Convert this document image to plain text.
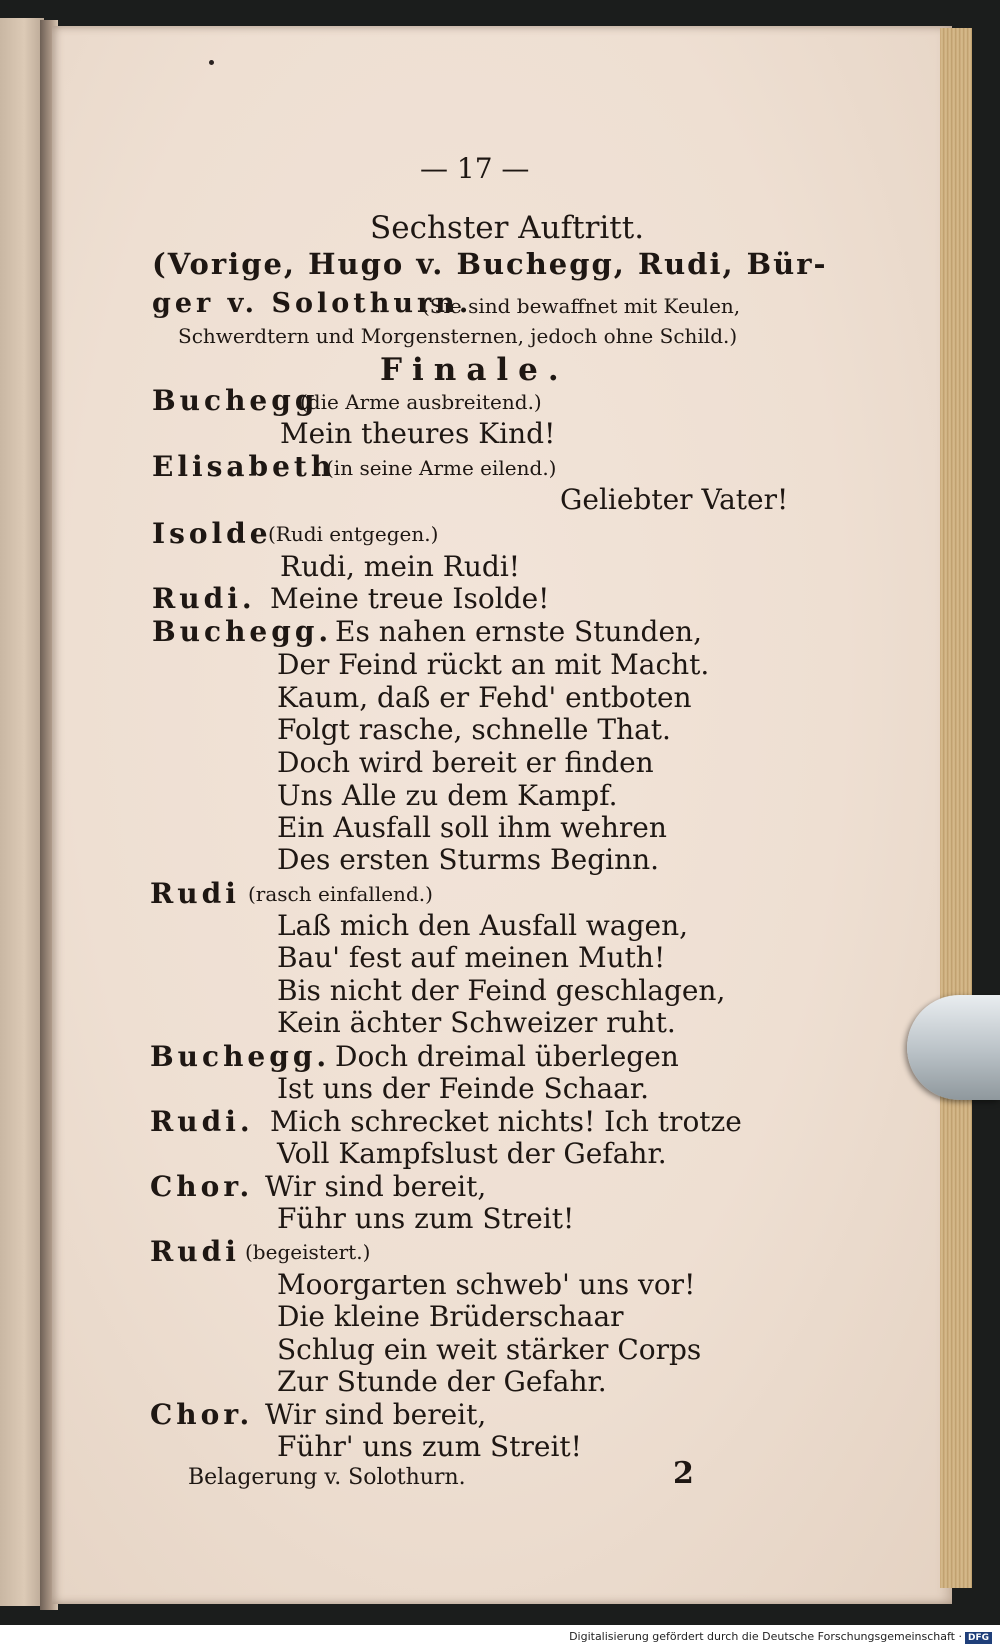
— 17 —
Sechster Auftritt.
(Vorige, Hugo v. Buchegg, Rudi, Bür-
ger v. Solothurn.
(Sie sind bewaffnet mit Keulen,
Schwerdtern und Morgensternen, jedoch ohne Schild.)
Finale.
Buchegg
(die Arme ausbreitend.)
Mein theures Kind!
Elisabeth
(in seine Arme eilend.)
Geliebter Vater!
Isolde
(Rudi entgegen.)
Rudi, mein Rudi!
Rudi. Meine treue Isolde!
Buchegg. Es nahen ernste Stunden,
Der Feind rückt an mit Macht.
Kaum, daß er Fehd' entboten
Folgt rasche, schnelle That.
Doch wird bereit er finden
Uns Alle zu dem Kampf.
Ein Ausfall soll ihm wehren
Des ersten Sturms Beginn.
Rudi (rasch einfallend.)
Laß mich den Ausfall wagen,
Bau' fest auf meinen Muth!
Bis nicht der Feind geschlagen,
Kein ächter Schweizer ruht.
Buchegg. Doch dreimal überlegen
Ist uns der Feinde Schaar.
Rudi. Mich schrecket nichts! Ich trotze
Voll Kampfslust der Gefahr.
Chor. Wir sind bereit,
Führ uns zum Streit!
Rudi (begeistert.)
Moorgarten schweb' uns vor!
Die kleine Brüderschaar
Schlug ein weit stärker Corps
Zur Stunde der Gefahr.
Chor. Wir sind bereit,
Führ' uns zum Streit!
Belagerung v. Solothurn.	2
Digitalisierung gefördert durch die Deutsche Forschungsgemeinschaft · DFG
